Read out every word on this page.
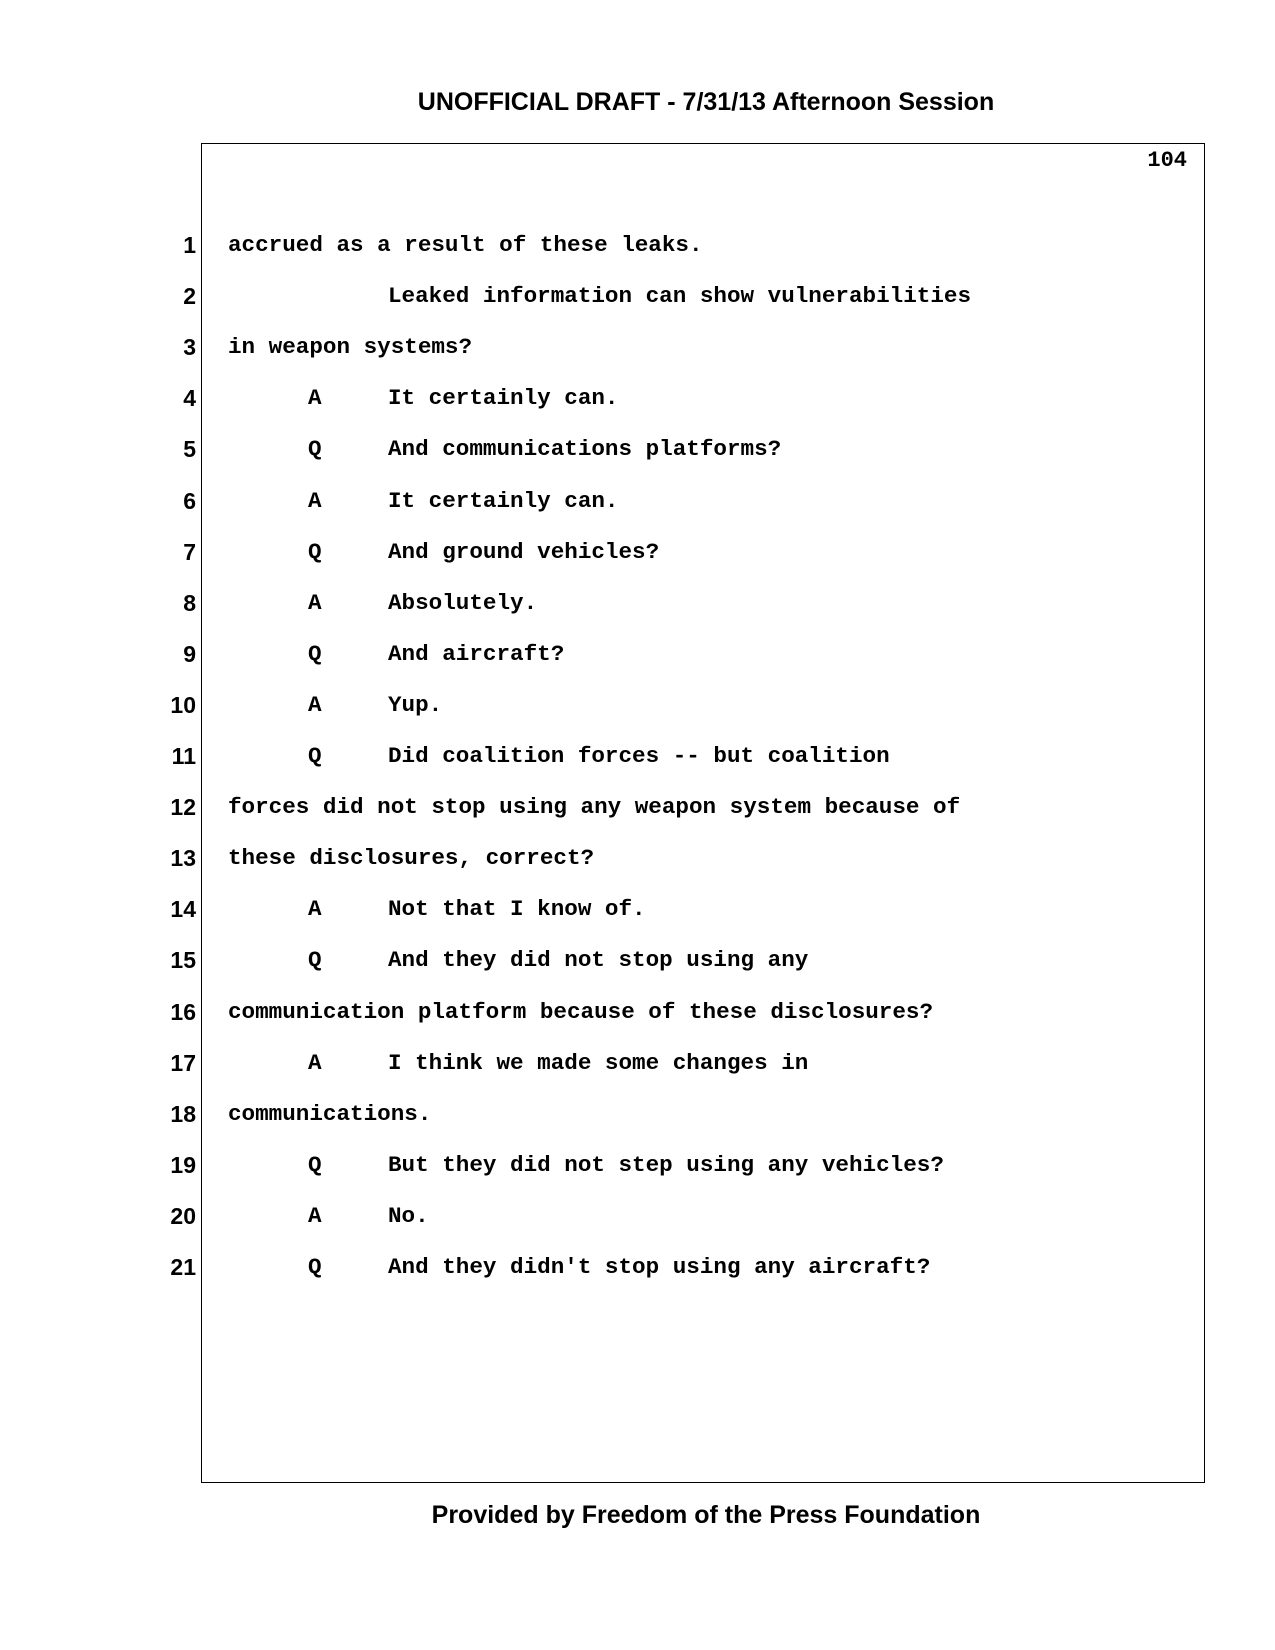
UNOFFICIAL DRAFT - 7/31/13 Afternoon Session
104
1 accrued as a result of these leaks.
2	Leaked information can show vulnerabilities
3 in weapon systems?
4	A	It certainly can.
5	Q	And communications platforms?
6	A	It certainly can.
7	Q	And ground vehicles?
8	A	Absolutely.
9	Q	And aircraft?
10	A	Yup.
11	Q	Did coalition forces -- but coalition
12 forces did not stop using any weapon system because of
13 these disclosures, correct?
14	A	Not that I know of.
15	Q	And they did not stop using any
16 communication platform because of these disclosures?
17	A	I think we made some changes in
18 communications.
19	Q	But they did not step using any vehicles?
20	A	No.
21	Q	And they didn't stop using any aircraft?
Provided by Freedom of the Press Foundation
